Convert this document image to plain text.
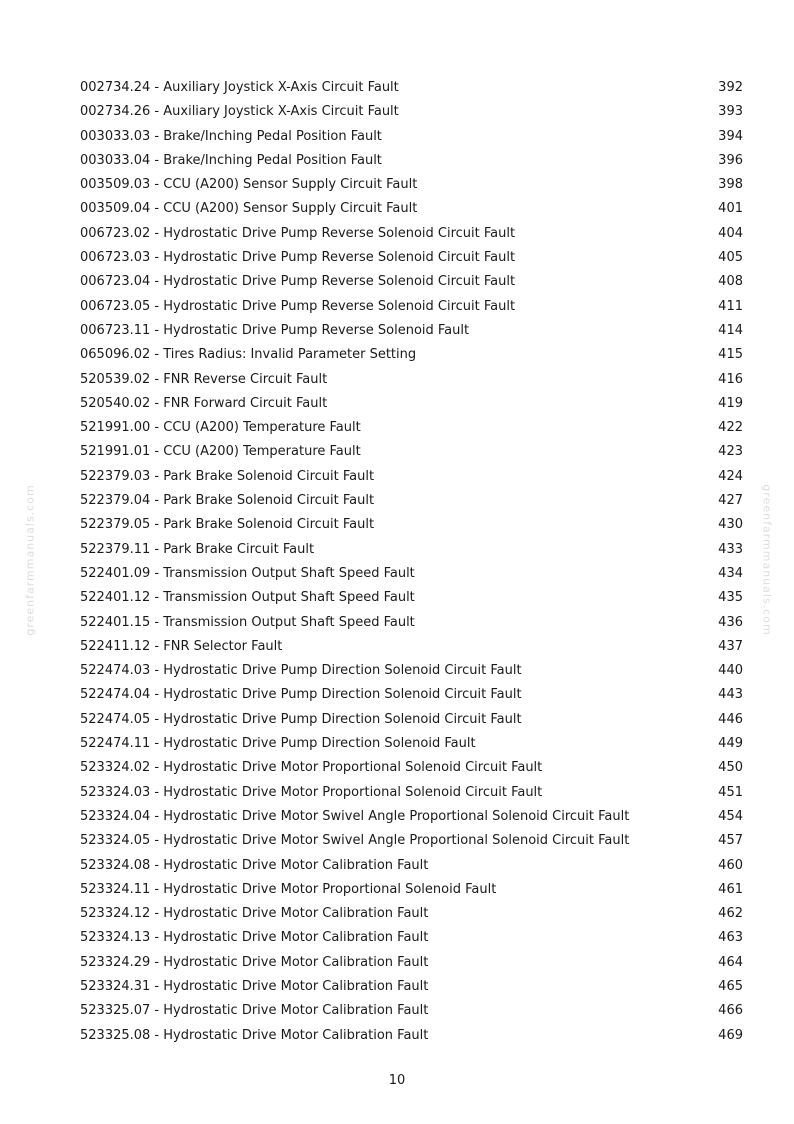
greenfarmmanuals.com	greenfarmmanuals.com
002734.24 - Auxiliary Joystick X-Axis Circuit Fault	392
002734.26 - Auxiliary Joystick X-Axis Circuit Fault	393
003033.03 - Brake/Inching Pedal Position Fault	394
003033.04 - Brake/Inching Pedal Position Fault	396
003509.03 - CCU (A200) Sensor Supply Circuit Fault	398
003509.04 - CCU (A200) Sensor Supply Circuit Fault	401
006723.02 - Hydrostatic Drive Pump Reverse Solenoid Circuit Fault	404
006723.03 - Hydrostatic Drive Pump Reverse Solenoid Circuit Fault	405
006723.04 - Hydrostatic Drive Pump Reverse Solenoid Circuit Fault	408
006723.05 - Hydrostatic Drive Pump Reverse Solenoid Circuit Fault	411
006723.11 - Hydrostatic Drive Pump Reverse Solenoid Fault	414
065096.02 - Tires Radius: Invalid Parameter Setting	415
520539.02 - FNR Reverse Circuit Fault	416
520540.02 - FNR Forward Circuit Fault	419
521991.00 - CCU (A200) Temperature Fault	422
521991.01 - CCU (A200) Temperature Fault	423
522379.03 - Park Brake Solenoid Circuit Fault	424
522379.04 - Park Brake Solenoid Circuit Fault	427
522379.05 - Park Brake Solenoid Circuit Fault	430
522379.11 - Park Brake Circuit Fault	433
522401.09 - Transmission Output Shaft Speed Fault	434
522401.12 - Transmission Output Shaft Speed Fault	435
522401.15 - Transmission Output Shaft Speed Fault	436
522411.12 - FNR Selector Fault	437
522474.03 - Hydrostatic Drive Pump Direction Solenoid Circuit Fault	440
522474.04 - Hydrostatic Drive Pump Direction Solenoid Circuit Fault	443
522474.05 - Hydrostatic Drive Pump Direction Solenoid Circuit Fault	446
522474.11 - Hydrostatic Drive Pump Direction Solenoid Fault	449
523324.02 - Hydrostatic Drive Motor Proportional Solenoid Circuit Fault	450
523324.03 - Hydrostatic Drive Motor Proportional Solenoid Circuit Fault	451
523324.04 - Hydrostatic Drive Motor Swivel Angle Proportional Solenoid Circuit Fault	454
523324.05 - Hydrostatic Drive Motor Swivel Angle Proportional Solenoid Circuit Fault	457
523324.08 - Hydrostatic Drive Motor Calibration Fault	460
523324.11 - Hydrostatic Drive Motor Proportional Solenoid Fault	461
523324.12 - Hydrostatic Drive Motor Calibration Fault	462
523324.13 - Hydrostatic Drive Motor Calibration Fault	463
523324.29 - Hydrostatic Drive Motor Calibration Fault	464
523324.31 - Hydrostatic Drive Motor Calibration Fault	465
523325.07 - Hydrostatic Drive Motor Calibration Fault	466
523325.08 - Hydrostatic Drive Motor Calibration Fault	469
10
